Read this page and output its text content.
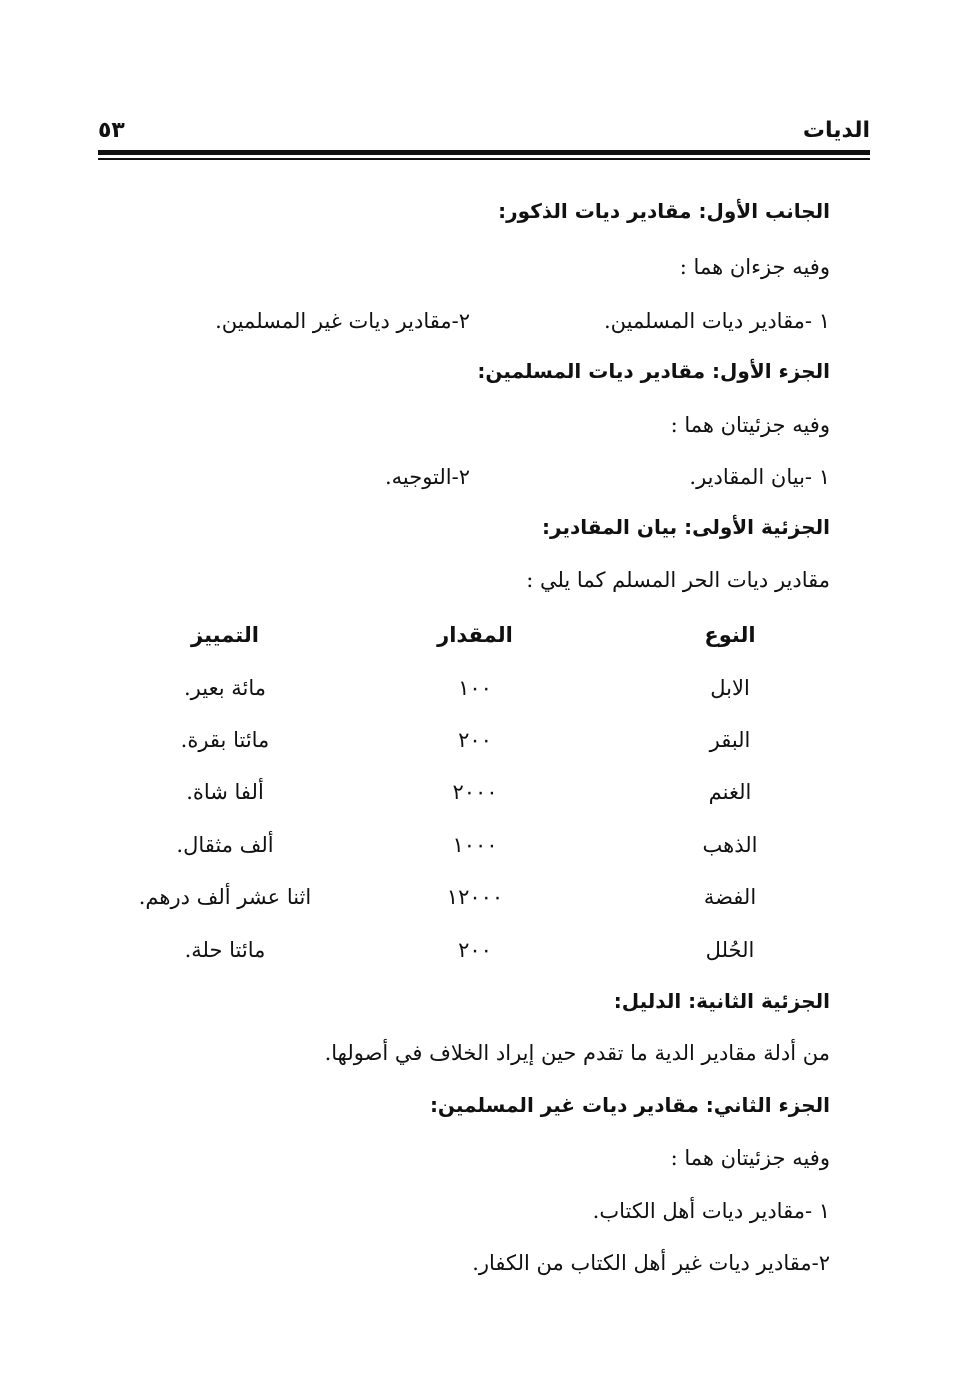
الديات
٥٣
الجانب الأول: مقادير ديات الذكور:
وفيه جزءان هما :
١ -مقادير ديات المسلمين.
٢-مقادير ديات غير المسلمين.
الجزء الأول: مقادير ديات المسلمين:
وفيه جزئيتان هما :
١ -بيان المقادير.
٢-التوجيه.
الجزئية الأولى: بيان المقادير:
مقادير ديات الحر المسلم كما يلي :
النوع
المقدار
التمييز
الابل
١٠٠
مائة بعير.
البقر
٢٠٠
مائتا بقرة.
الغنم
٢٠٠٠
ألفا شاة.
الذهب
١٠٠٠
ألف مثقال.
الفضة
١٢٠٠٠
اثنا عشر ألف درهم.
الحُلل
٢٠٠
مائتا حلة.
الجزئية الثانية: الدليل:
من أدلة مقادير الدية ما تقدم حين إيراد الخلاف في أصولها.
الجزء الثاني: مقادير ديات غير المسلمين:
وفيه جزئيتان هما :
١ -مقادير ديات أهل الكتاب.
٢-مقادير ديات غير أهل الكتاب من الكفار.
